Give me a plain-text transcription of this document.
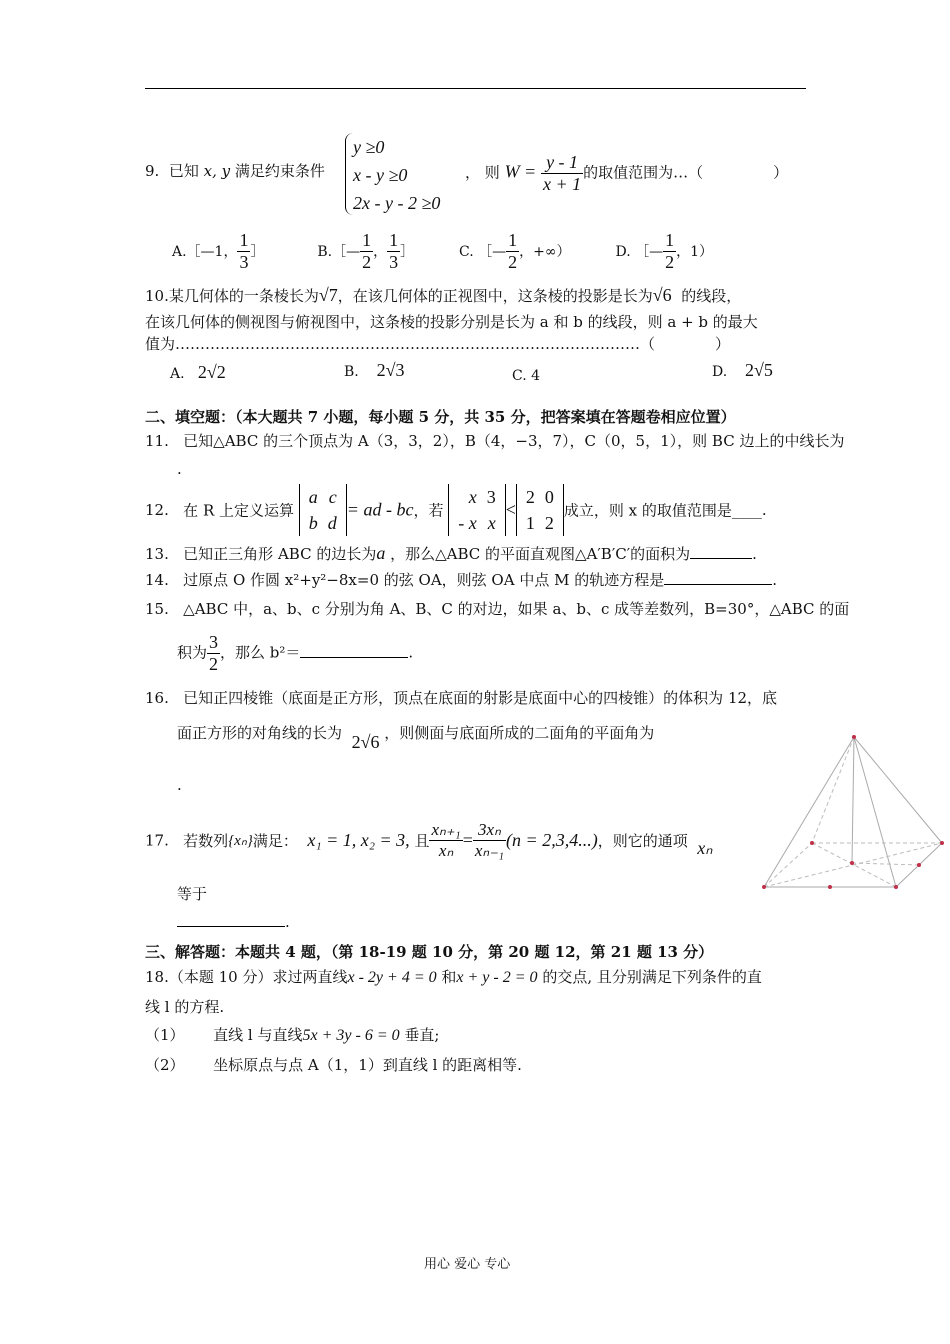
9. 已知 x, y 满足约束条件
y ≥0
x - y ≥0
2x - y - 2 ≥0
， 则 $W = \frac{y - 1}{x + 1}$ 的取值范围为…（	）
A.［—1， $\frac{1}{3}$ ］	B.［— $\frac{1}{2}$ ， $\frac{1}{3}$ ］	C. ［— $\frac{1}{2}$ ，+∞）	D. ［— $\frac{1}{2}$ ，1）
10.某几何体的一条棱长为√7，在该几何体的正视图中，这条棱的投影是长为√6 的线段，
在该几何体的侧视图与俯视图中，这条棱的投影分别是长为 a 和 b 的线段，则 a + b 的最大
值为…………………………………………………………………………………（	）
A. 2√2	B. 2√3	C. 4	D. 2√5
二、填空题：（本大题共 7 小题，每小题 5 分，共 35 分，把答案填在答题卷相应位置）
11. 已知△ABC 的三个顶点为 A（3，3，2），B（4，−3，7），C（0，5，1），则 BC 边上的中线长为
.
12. 在 R 上定义运算
a	c
b	d
= ad - bc，若
x	3
- x	x
<
2	0
1	2
成立，则 x 的取值范围是____.
13. 已知正三角形 ABC 的边长为a ，那么△ABC 的平面直观图△A′B′C′的面积为	.
14. 过原点 O 作圆 x²+y²−8x=0 的弦 OA，则弦 OA 中点 M 的轨迹方程是	.
15. △ABC 中，a、b、c 分别为角 A、B、C 的对边，如果 a、b、c 成等差数列，B=30°，△ABC 的面
积为 $\frac{3}{2}$ ，那么 b²＝	.
16. 已知正四棱锥（底面是正方形，顶点在底面的射影是底面中心的四棱锥）的体积为 12，底
面正方形的对角线的长为 2√6 ，则侧面与底面所成的二面角的平面角为
.
17. 若数列{xₙ}满足： x₁ = 1, x₂ = 3, 且 $\frac{\text{xₙ₊₁}}{\text{xₙ}} = \frac{\text{3xₙ}}{\text{xₙ₋₁}} (n = 2,3,4...)$，则它的通项 xₙ
等于
.
三、解答题：本题共 4 题，（第 18-19 题 10 分，第 20 题 12，第 21 题 13 分）
18.（本题 10 分）求过两直线x - 2y + 4 = 0 和x + y - 2 = 0 的交点, 且分别满足下列条件的直
线 l 的方程.
（1） 直线 l 与直线5x + 3y - 6 = 0 垂直;
（2） 坐标原点与点 A（1，1）到直线 l 的距离相等.
用心 爱心 专心
